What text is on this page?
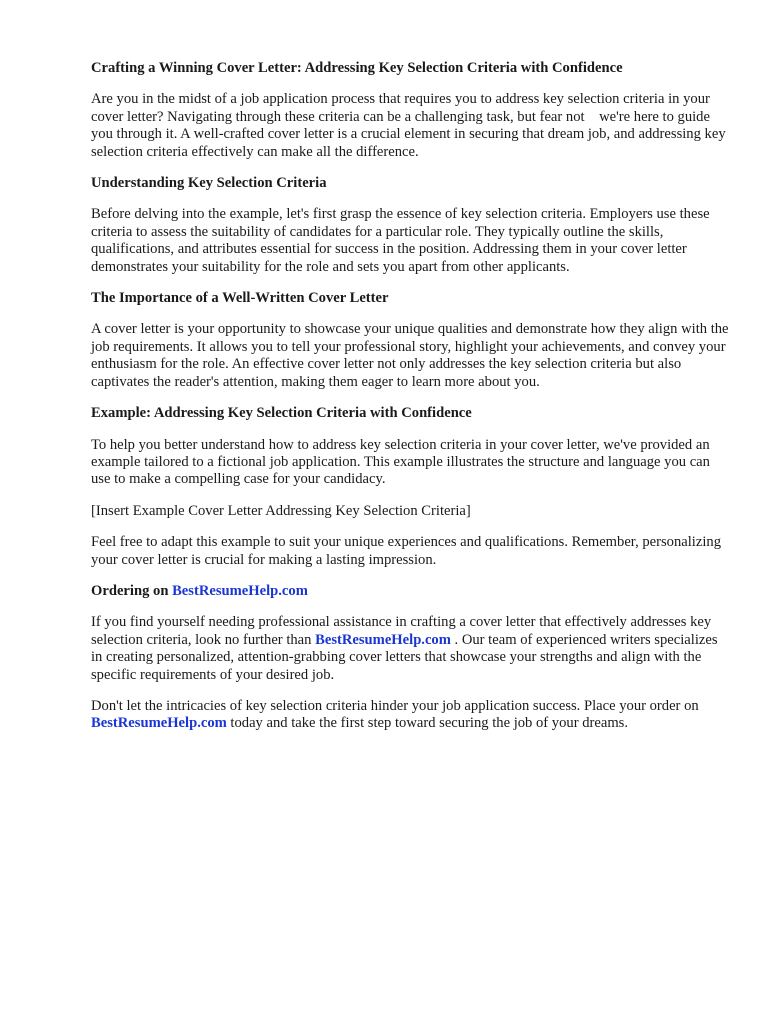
Crafting a Winning Cover Letter: Addressing Key Selection Criteria with Confidence

Are you in the midst of a job application process that requires you to address key selection criteria in your cover letter? Navigating through these criteria can be a challenging task, but fear not    we're here to guide you through it. A well-crafted cover letter is a crucial element in securing that dream job, and addressing key selection criteria effectively can make all the difference.

Understanding Key Selection Criteria

Before delving into the example, let's first grasp the essence of key selection criteria. Employers use these criteria to assess the suitability of candidates for a particular role. They typically outline the skills, qualifications, and attributes essential for success in the position. Addressing them in your cover letter demonstrates your suitability for the role and sets you apart from other applicants.

The Importance of a Well-Written Cover Letter

A cover letter is your opportunity to showcase your unique qualities and demonstrate how they align with the job requirements. It allows you to tell your professional story, highlight your achievements, and convey your enthusiasm for the role. An effective cover letter not only addresses the key selection criteria but also captivates the reader's attention, making them eager to learn more about you.

Example: Addressing Key Selection Criteria with Confidence

To help you better understand how to address key selection criteria in your cover letter, we've provided an example tailored to a fictional job application. This example illustrates the structure and language you can use to make a compelling case for your candidacy.

[Insert Example Cover Letter Addressing Key Selection Criteria]

Feel free to adapt this example to suit your unique experiences and qualifications. Remember, personalizing your cover letter is crucial for making a lasting impression.

Ordering on BestResumeHelp.com

If you find yourself needing professional assistance in crafting a cover letter that effectively addresses key selection criteria, look no further than BestResumeHelp.com . Our team of experienced writers specializes in creating personalized, attention-grabbing cover letters that showcase your strengths and align with the specific requirements of your desired job.

Don't let the intricacies of key selection criteria hinder your job application success. Place your order on BestResumeHelp.com today and take the first step toward securing the job of your dreams.
